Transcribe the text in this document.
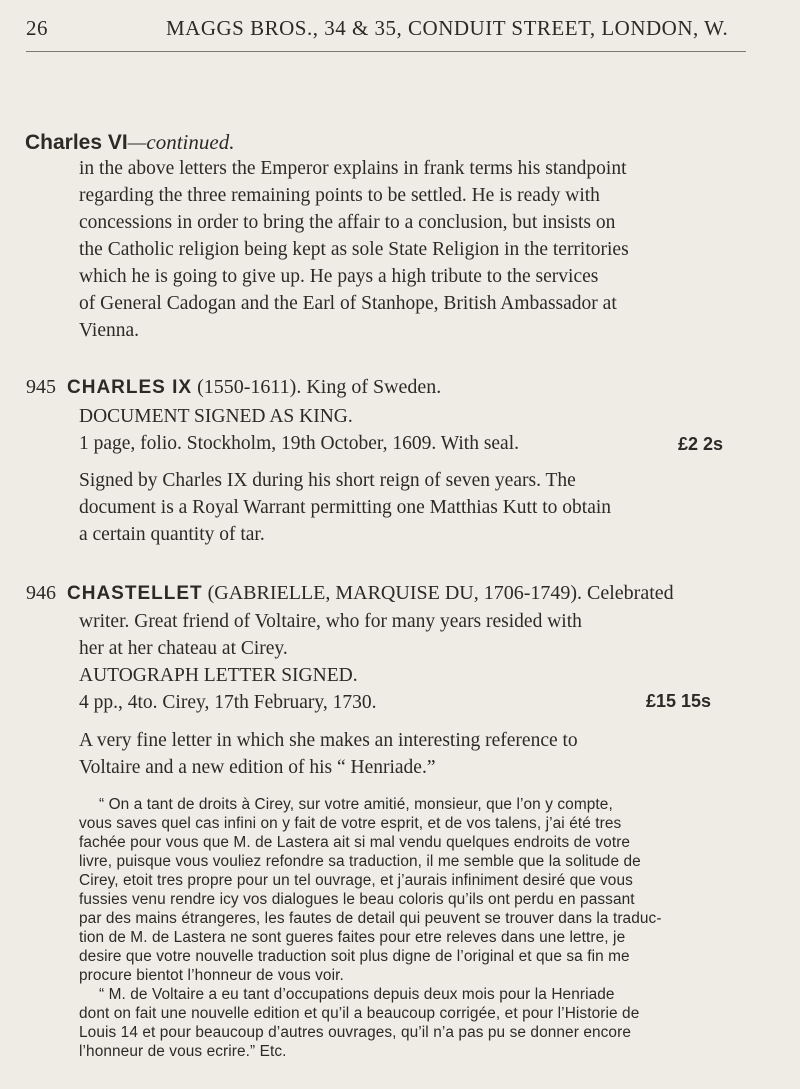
26	MAGGS BROS., 34 & 35, CONDUIT STREET, LONDON, W.
Charles VI—continued.
in the above letters the Emperor explains in frank terms his standpoint
regarding the three remaining points to be settled. He is ready with
concessions in order to bring the affair to a conclusion, but insists on
the Catholic religion being kept as sole State Religion in the territories
which he is going to give up. He pays a high tribute to the services
of General Cadogan and the Earl of Stanhope, British Ambassador at
Vienna.
945 CHARLES IX (1550-1611). King of Sweden.
DOCUMENT SIGNED AS KING.
1 page, folio. Stockholm, 19th October, 1609. With seal.
Signed by Charles IX during his short reign of seven years. The
document is a Royal Warrant permitting one Matthias Kutt to obtain
a certain quantity of tar.
£2 2s
946 CHASTELLET (GABRIELLE, MARQUISE DU, 1706-1749). Celebrated
writer. Great friend of Voltaire, who for many years resided with
her at her chateau at Cirey.
AUTOGRAPH LETTER SIGNED.
4 pp., 4to. Cirey, 17th February, 1730.
A very fine letter in which she makes an interesting reference to
Voltaire and a new edition of his “ Henriade.”
£15 15s
“ On a tant de droits à Cirey, sur votre amitié, monsieur, que l’on y compte,
vous saves quel cas infini on y fait de votre esprit, et de vos talens, j’ai été tres
fachée pour vous que M. de Lastera ait si mal vendu quelques endroits de votre
livre, puisque vous vouliez refondre sa traduction, il me semble que la solitude de
Cirey, etoit tres propre pour un tel ouvrage, et j’aurais infiniment desiré que vous
fussies venu rendre icy vos dialogues le beau coloris qu’ils ont perdu en passant
par des mains étrangeres, les fautes de detail qui peuvent se trouver dans la traduc-
tion de M. de Lastera ne sont gueres faites pour etre releves dans une lettre, je
desire que votre nouvelle traduction soit plus digne de l’original et que sa fin me
procure bientot l’honneur de vous voir.
“ M. de Voltaire a eu tant d’occupations depuis deux mois pour la Henriade
dont on fait une nouvelle edition et qu’il a beaucoup corrigée, et pour l’Historie de
Louis 14 et pour beaucoup d’autres ouvrages, qu’il n’a pas pu se donner encore
l’honneur de vous ecrire.” Etc.
